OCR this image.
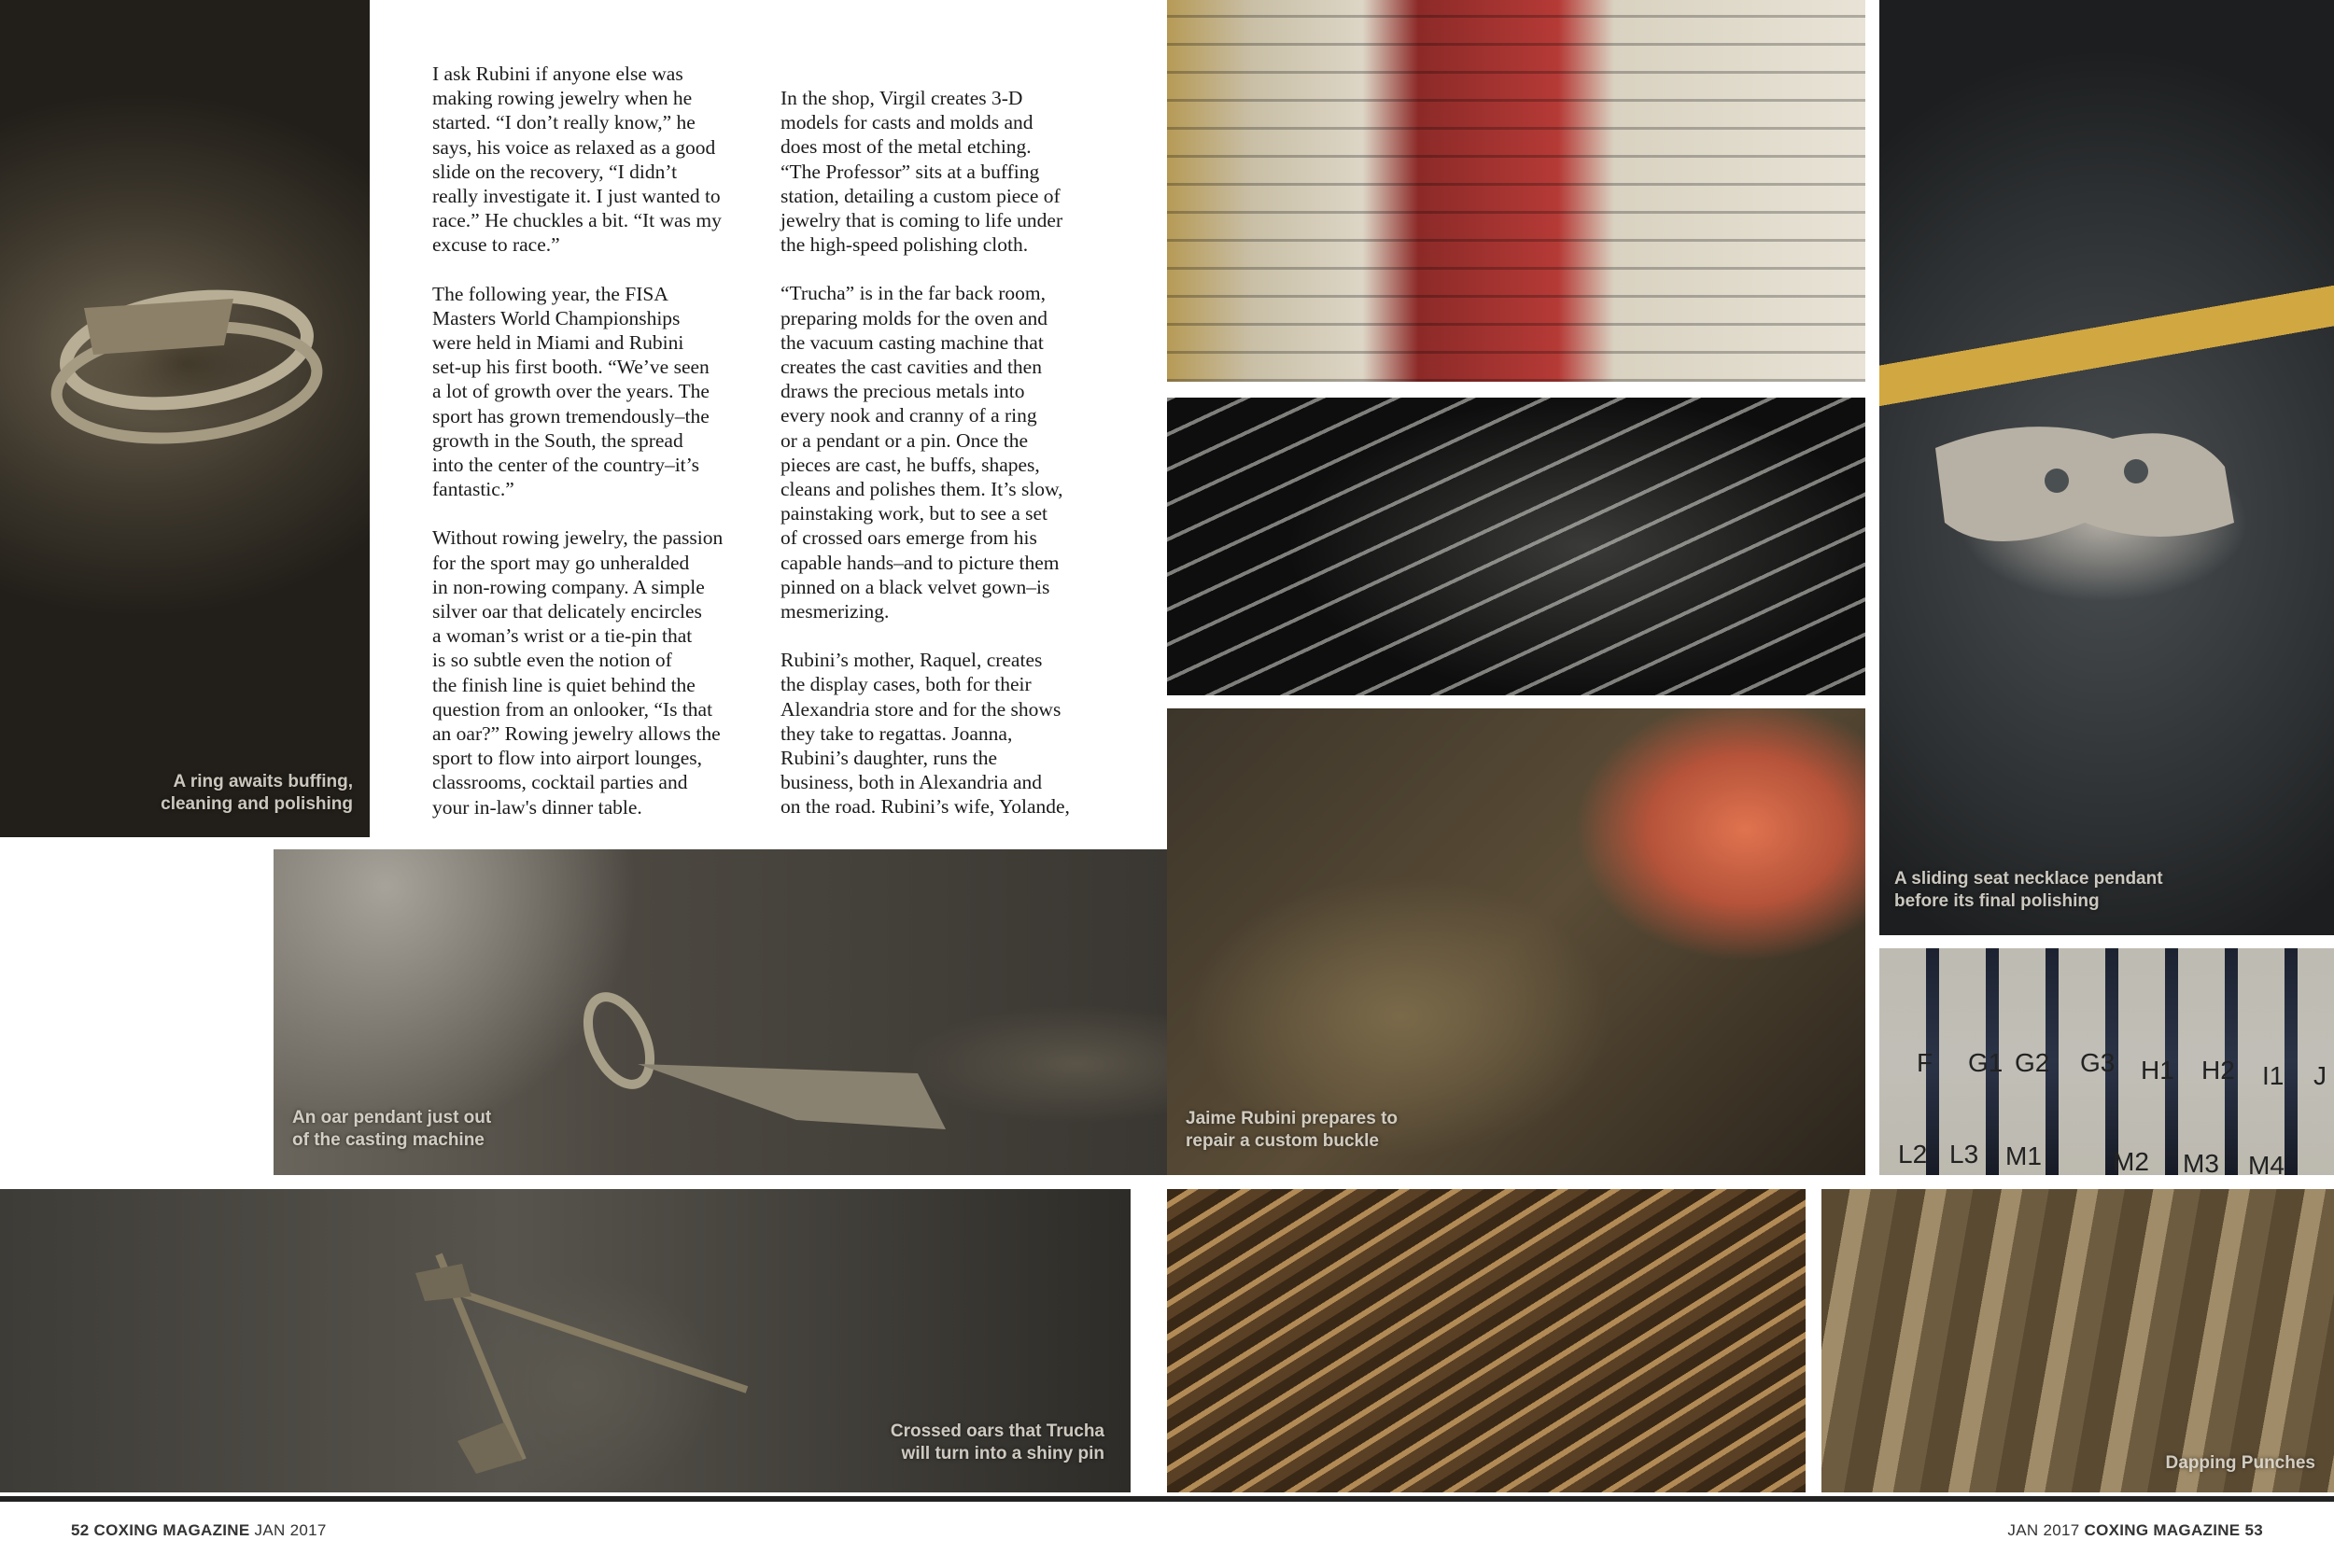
A ring awaits buffing,
cleaning and polishing

I ask Rubini if anyone else was
making rowing jewelry when he
started. “I don’t really know,” he
says, his voice as relaxed as a good
slide on the recovery, “I didn’t
really investigate it. I just wanted to
race.” He chuckles a bit. “It was my
excuse to race.”

The following year, the FISA
Masters World Championships
were held in Miami and Rubini
set-up his first booth. “We’ve seen
a lot of growth over the years. The
sport has grown tremendously–the
growth in the South, the spread
into the center of the country–it’s
fantastic.”

Without rowing jewelry, the passion
for the sport may go unheralded
in non-rowing company. A simple
silver oar that delicately encircles
a woman’s wrist or a tie-pin that
is so subtle even the notion of
the finish line is quiet behind the
question from an onlooker, “Is that
an oar?” Rowing jewelry allows the
sport to flow into airport lounges,
classrooms, cocktail parties and
your in-law's dinner table.

In the shop, Virgil creates 3-D
models for casts and molds and
does most of the metal etching.
“The Professor” sits at a buffing
station, detailing a custom piece of
jewelry that is coming to life under
the high-speed polishing cloth.

“Trucha” is in the far back room,
preparing molds for the oven and
the vacuum casting machine that
creates the cast cavities and then
draws the precious metals into
every nook and cranny of a ring
or a pendant or a pin. Once the
pieces are cast, he buffs, shapes,
cleans and polishes them. It’s slow,
painstaking work, but to see a set
of crossed oars emerge from his
capable hands–and to picture them
pinned on a black velvet gown–is
mesmerizing.

Rubini’s mother, Raquel, creates
the display cases, both for their
Alexandria store and for the shows
they take to regattas. Joanna,
Rubini’s daughter, runs the
business, both in Alexandria and
on the road. Rubini’s wife, Yolande,

An oar pendant just out
of the casting machine
Jaime Rubini prepares to
repair a custom buckle
A sliding seat necklace pendant
before its final polishing
F G1 G2 G3 H1 H2 I1 J
L2 L3 M1	M2 M3 M4
Crossed oars that Trucha
will turn into a shiny pin	Dapping Punches
52 COXING MAGAZINE JAN 2017	JAN 2017 COXING MAGAZINE 53
